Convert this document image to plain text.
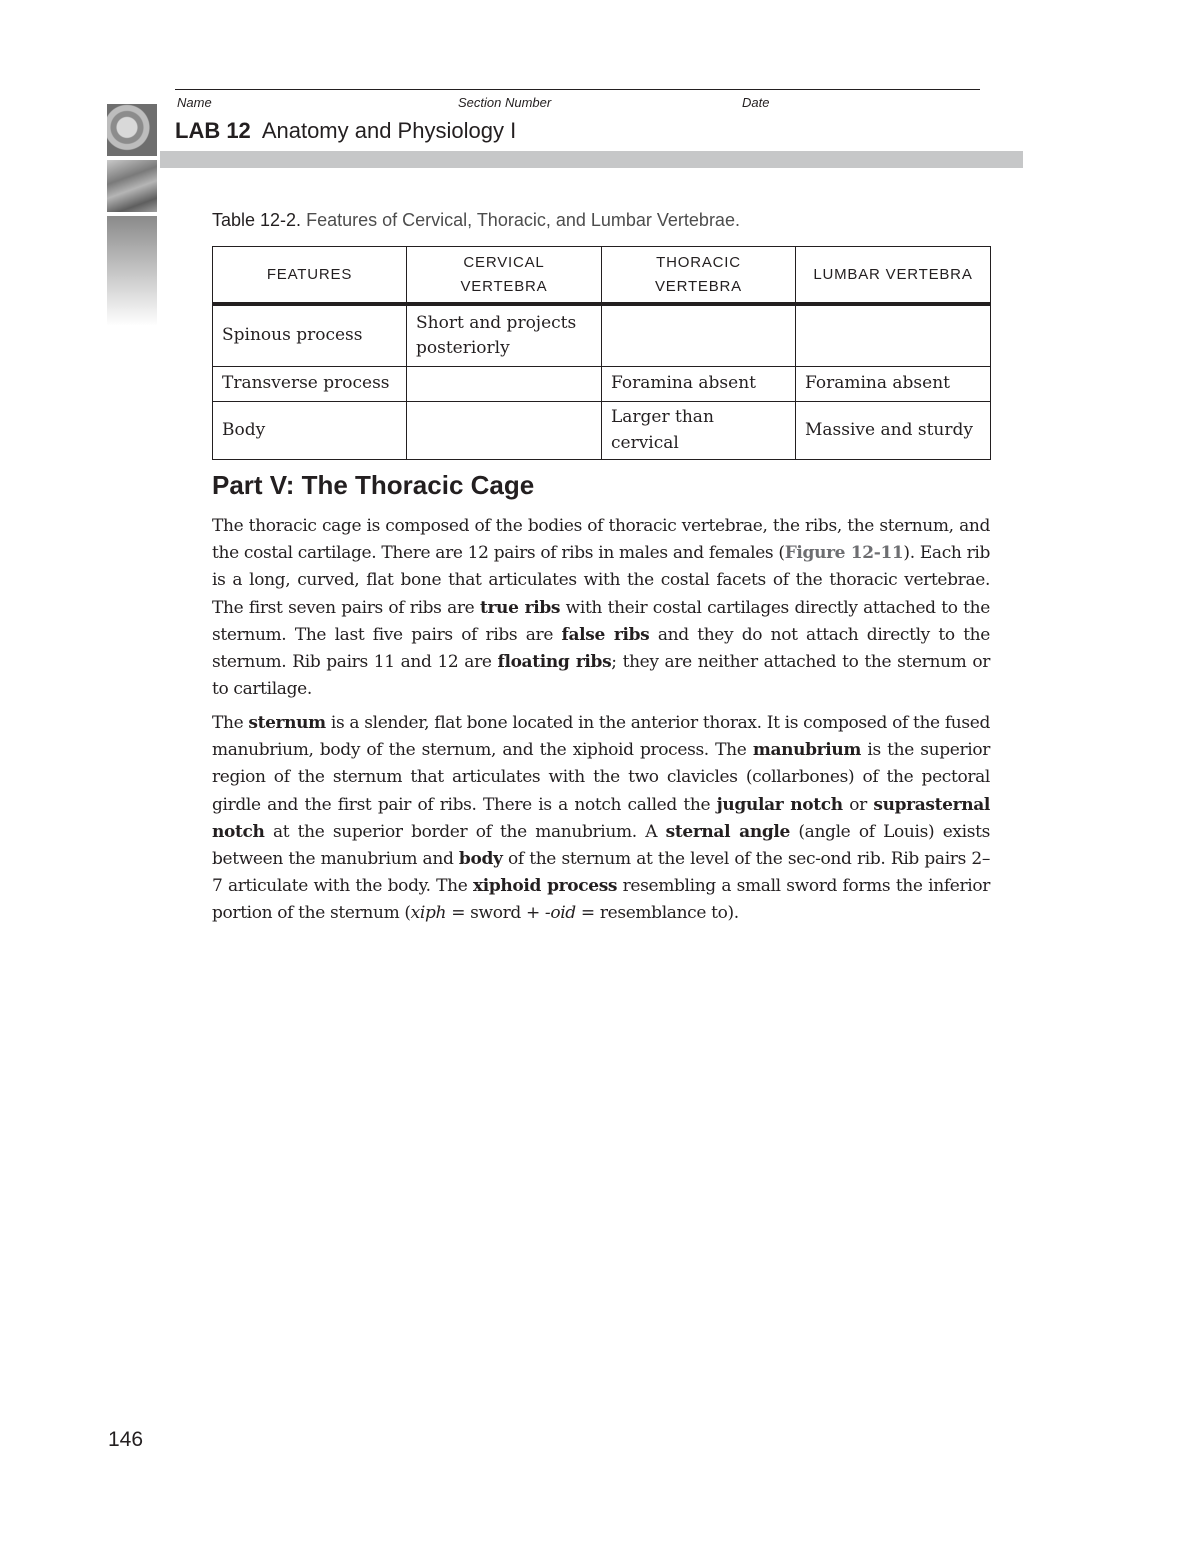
Name	Section Number	Date
LAB 12 Anatomy and Physiology I
Table 12-2. Features of Cervical, Thoracic, and Lumbar Vertebrae.
FEATURES	CERVICAL VERTEBRA	THORACIC VERTEBRA	LUMBAR VERTEBRA
Spinous process	Short and projects posteriorly		
Transverse process		Foramina absent	Foramina absent
Body		Larger than cervical	Massive and sturdy
Part V: The Thoracic Cage

The thoracic cage is composed of the bodies of thoracic vertebrae, the ribs, the sternum, and the costal cartilage. There are 12 pairs of ribs in males and females (Figure 12-11). Each rib is a long, curved, flat bone that articulates with the costal facets of the thoracic vertebrae. The first seven pairs of ribs are true ribs with their costal cartilages directly attached to the sternum. The last five pairs of ribs are false ribs and they do not attach directly to the sternum. Rib pairs 11 and 12 are floating ribs; they are neither attached to the sternum or to cartilage.

The sternum is a slender, flat bone located in the anterior thorax. It is composed of the fused manubrium, body of the sternum, and the xiphoid process. The manubrium is the superior region of the sternum that articulates with the two clavicles (collarbones) of the pectoral girdle and the first pair of ribs. There is a notch called the jugular notch or suprasternal notch at the superior border of the manubrium. A sternal angle (angle of Louis) exists between the manubrium and body of the sternum at the level of the sec-ond rib. Rib pairs 2–7 articulate with the body. The xiphoid process resembling a small sword forms the inferior portion of the sternum (xiph = sword + -oid = resemblance to).

146
